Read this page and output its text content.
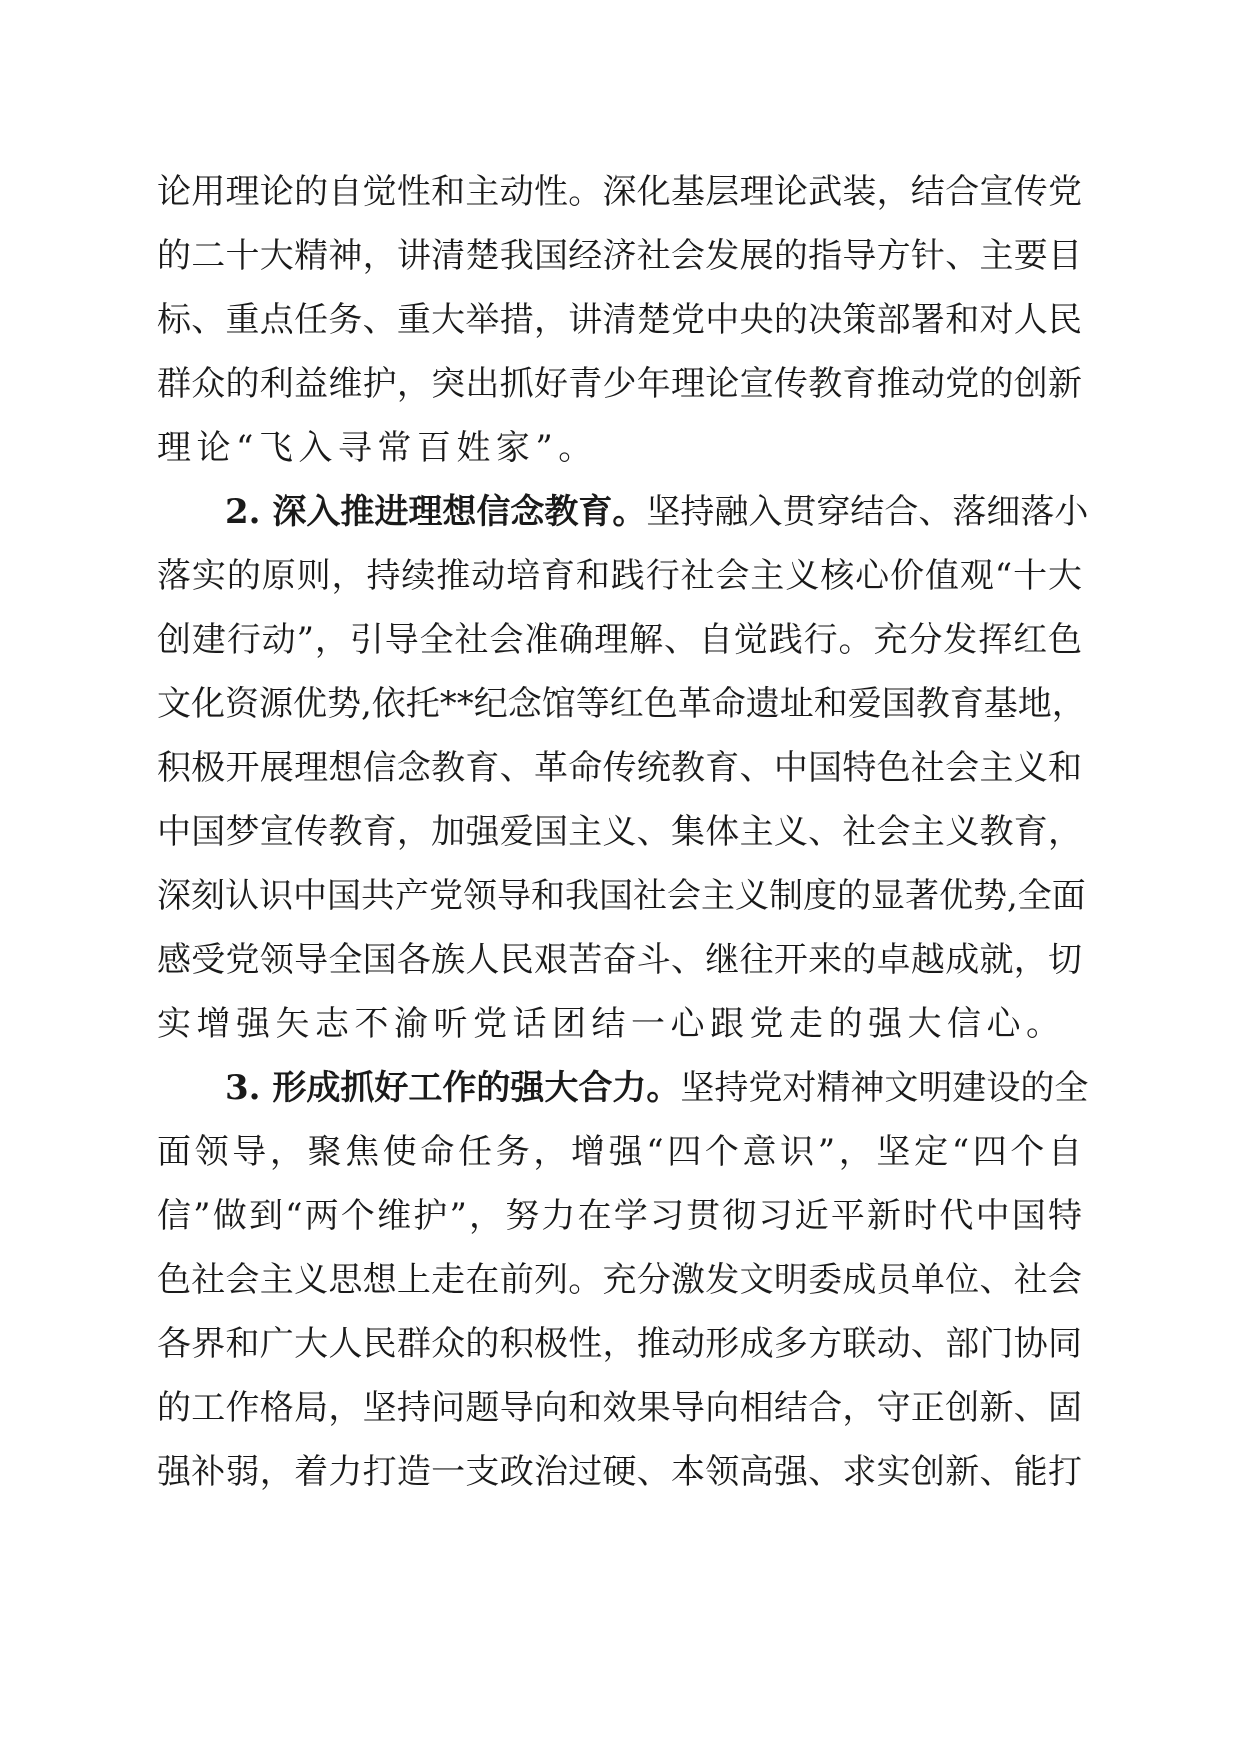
论用理论的自觉性和主动性。深化基层理论武装，结合宣传党
的二十大精神，讲清楚我国经济社会发展的指导方针、主要目
标、重点任务、重大举措，讲清楚党中央的决策部署和对人民
群众的利益维护，突出抓好青少年理论宣传教育推动党的创新
理论“飞入寻常百姓家”。
2. 深入推进理想信念教育。坚持融入贯穿结合、落细落小
落实的原则，持续推动培育和践行社会主义核心价值观“十大
创建行动”，引导全社会准确理解、自觉践行。充分发挥红色
文化资源优势,依托**纪念馆等红色革命遗址和爱国教育基地，
积极开展理想信念教育、革命传统教育、中国特色社会主义和
中国梦宣传教育，加强爱国主义、集体主义、社会主义教育，
深刻认识中国共产党领导和我国社会主义制度的显著优势,全面
感受党领导全国各族人民艰苦奋斗、继往开来的卓越成就，切
实增强矢志不渝听党话团结一心跟党走的强大信心。
3. 形成抓好工作的强大合力。坚持党对精神文明建设的全
面领导，聚焦使命任务，增强“四个意识”，坚定“四个自
信”做到“两个维护”，努力在学习贯彻习近平新时代中国特
色社会主义思想上走在前列。充分激发文明委成员单位、社会
各界和广大人民群众的积极性，推动形成多方联动、部门协同
的工作格局，坚持问题导向和效果导向相结合，守正创新、固
强补弱，着力打造一支政治过硬、本领高强、求实创新、能打
